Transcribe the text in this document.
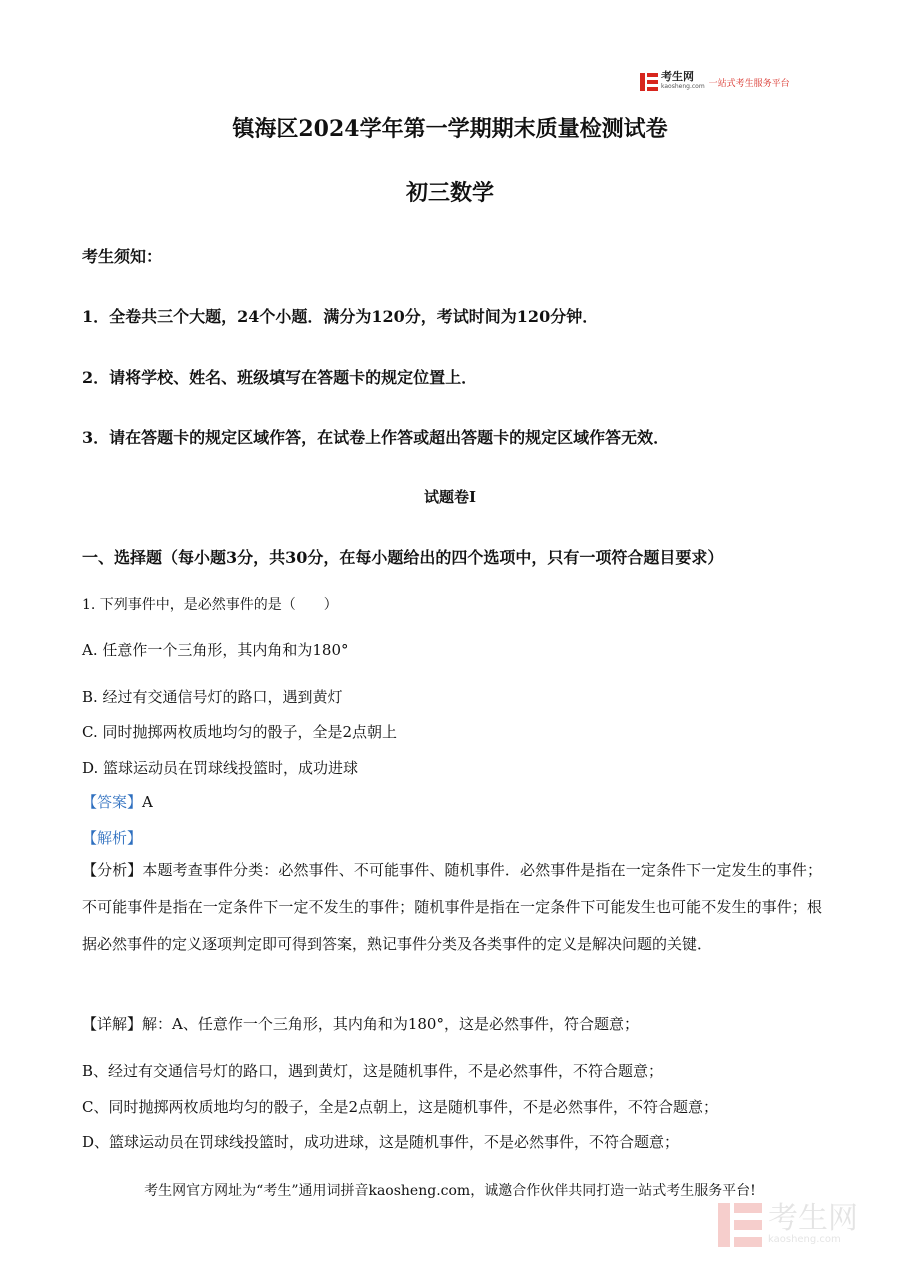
考生网
kaosheng.com 一站式考生服务平台
镇海区2024学年第一学期期末质量检测试卷
初三数学
考生须知：
1．全卷共三个大题，24个小题．满分为120分，考试时间为120分钟．
2．请将学校、姓名、班级填写在答题卡的规定位置上．
3．请在答题卡的规定区域作答，在试卷上作答或超出答题卡的规定区域作答无效．
试题卷I
一、选择题（每小题3分，共30分，在每小题给出的四个选项中，只有一项符合题目要求）
1. 下列事件中，是必然事件的是（　　）
A. 任意作一个三角形，其内角和为180°
B. 经过有交通信号灯的路口，遇到黄灯
C. 同时抛掷两枚质地均匀的骰子，全是2点朝上
D. 篮球运动员在罚球线投篮时，成功进球
【答案】A
【解析】
【分析】本题考查事件分类：必然事件、不可能事件、随机事件．必然事件是指在一定条件下一定发生的事件；不可能事件是指在一定条件下一定不发生的事件；随机事件是指在一定条件下可能发生也可能不发生的事件；根据必然事件的定义逐项判定即可得到答案，熟记事件分类及各类事件的定义是解决问题的关键．
【详解】解：A、任意作一个三角形，其内角和为180°，这是必然事件，符合题意；
B、经过有交通信号灯的路口，遇到黄灯，这是随机事件，不是必然事件，不符合题意；
C、同时抛掷两枚质地均匀的骰子，全是2点朝上，这是随机事件，不是必然事件，不符合题意；
D、篮球运动员在罚球线投篮时，成功进球，这是随机事件，不是必然事件，不符合题意；
考生网官方网址为“考生”通用词拼音kaosheng.com，诚邀合作伙伴共同打造一站式考生服务平台!
考生网
kaosheng.com
